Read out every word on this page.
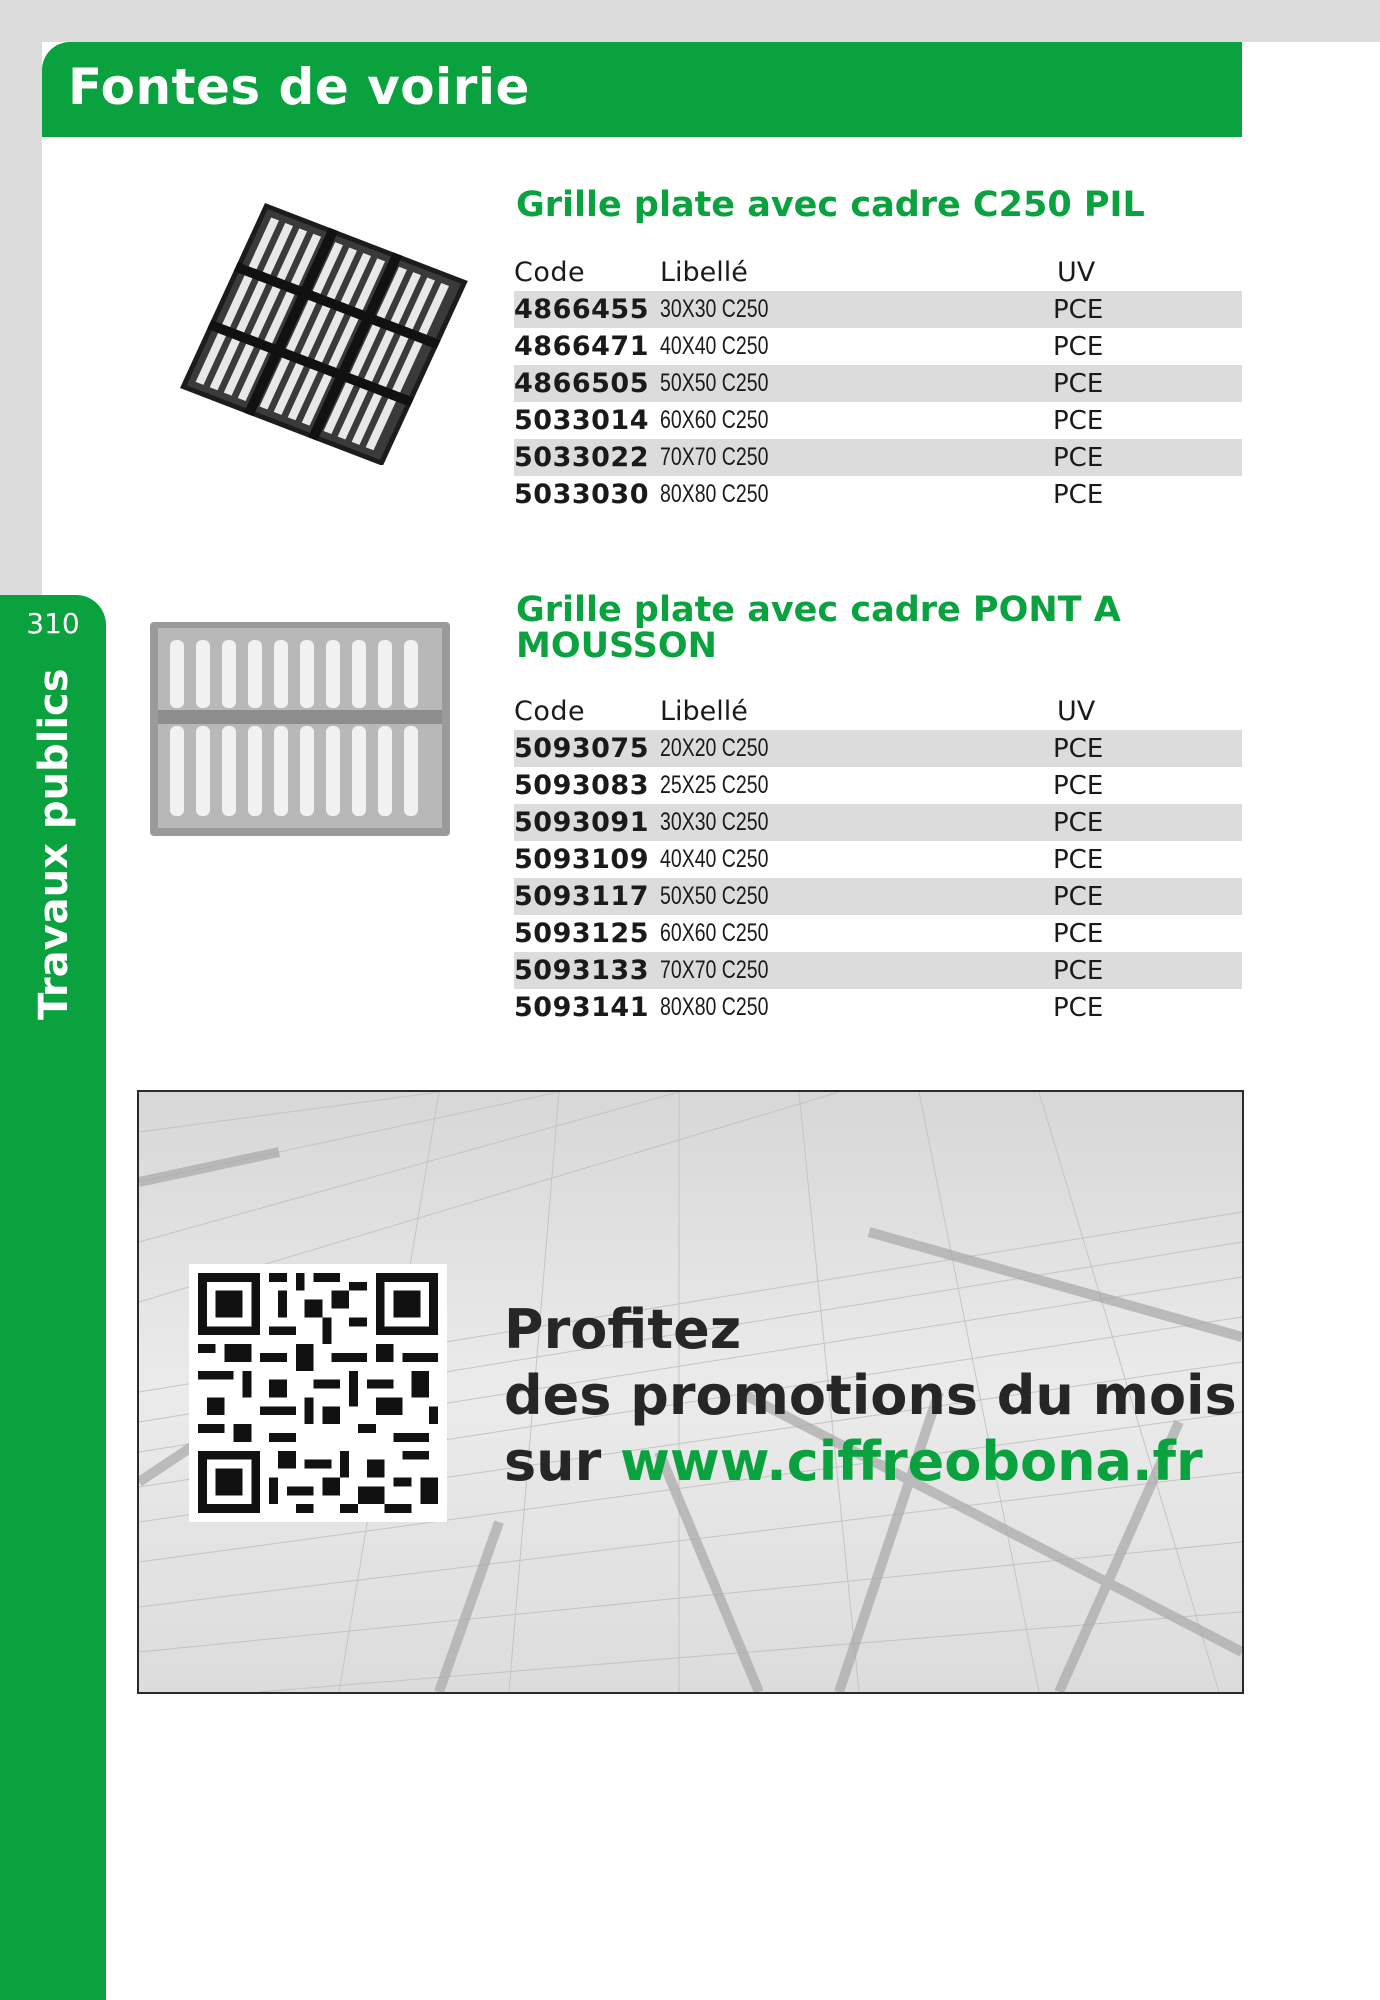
Fontes de voirie
310
Travaux publics
Grille plate avec cadre C250 PIL
Code	Libellé	UV
4866455	30X30 C250	PCE
4866471	40X40 C250	PCE
4866505	50X50 C250	PCE
5033014	60X60 C250	PCE
5033022	70X70 C250	PCE
5033030	80X80 C250	PCE
Grille plate avec cadre PONT A
MOUSSON
Code	Libellé	UV
5093075	20X20 C250	PCE
5093083	25X25 C250	PCE
5093091	30X30 C250	PCE
5093109	40X40 C250	PCE
5093117	50X50 C250	PCE
5093125	60X60 C250	PCE
5093133	70X70 C250	PCE
5093141	80X80 C250	PCE
Profitez
des promotions du mois
sur www.ciffreobona.fr
